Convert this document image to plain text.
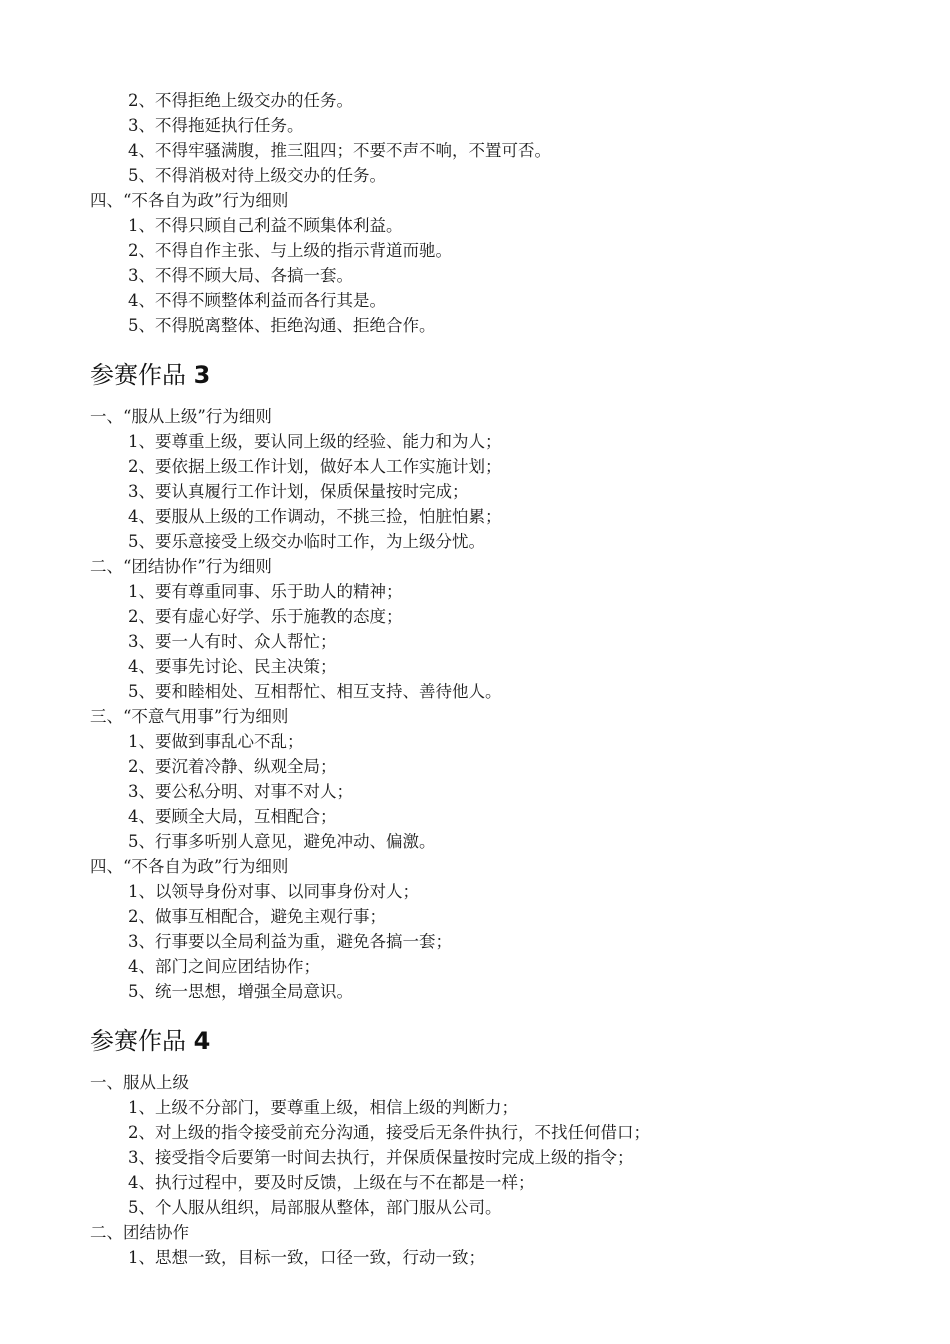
2、不得拒绝上级交办的任务。
3、不得拖延执行任务。
4、不得牢骚满腹，推三阻四；不要不声不响，不置可否。
5、不得消极对待上级交办的任务。
四、“不各自为政”行为细则
1、不得只顾自己利益不顾集体利益。
2、不得自作主张、与上级的指示背道而驰。
3、不得不顾大局、各搞一套。
4、不得不顾整体利益而各行其是。
5、不得脱离整体、拒绝沟通、拒绝合作。
参赛作品 3
一、“服从上级”行为细则
1、要尊重上级，要认同上级的经验、能力和为人；
2、要依据上级工作计划，做好本人工作实施计划；
3、要认真履行工作计划，保质保量按时完成；
4、要服从上级的工作调动，不挑三捡，怕脏怕累；
5、要乐意接受上级交办临时工作，为上级分忧。
二、“团结协作”行为细则
1、要有尊重同事、乐于助人的精神；
2、要有虚心好学、乐于施教的态度；
3、要一人有时、众人帮忙；
4、要事先讨论、民主决策；
5、要和睦相处、互相帮忙、相互支持、善待他人。
三、“不意气用事”行为细则
1、要做到事乱心不乱；
2、要沉着冷静、纵观全局；
3、要公私分明、对事不对人；
4、要顾全大局，互相配合；
5、行事多听别人意见，避免冲动、偏激。
四、“不各自为政”行为细则
1、以领导身份对事、以同事身份对人；
2、做事互相配合，避免主观行事；
3、行事要以全局利益为重，避免各搞一套；
4、部门之间应团结协作；
5、统一思想，增强全局意识。
参赛作品 4
一、服从上级
1、上级不分部门，要尊重上级，相信上级的判断力；
2、对上级的指令接受前充分沟通，接受后无条件执行，不找任何借口；
3、接受指令后要第一时间去执行，并保质保量按时完成上级的指令；
4、执行过程中，要及时反馈，上级在与不在都是一样；
5、个人服从组织，局部服从整体，部门服从公司。
二、团结协作
1、思想一致，目标一致，口径一致，行动一致；
